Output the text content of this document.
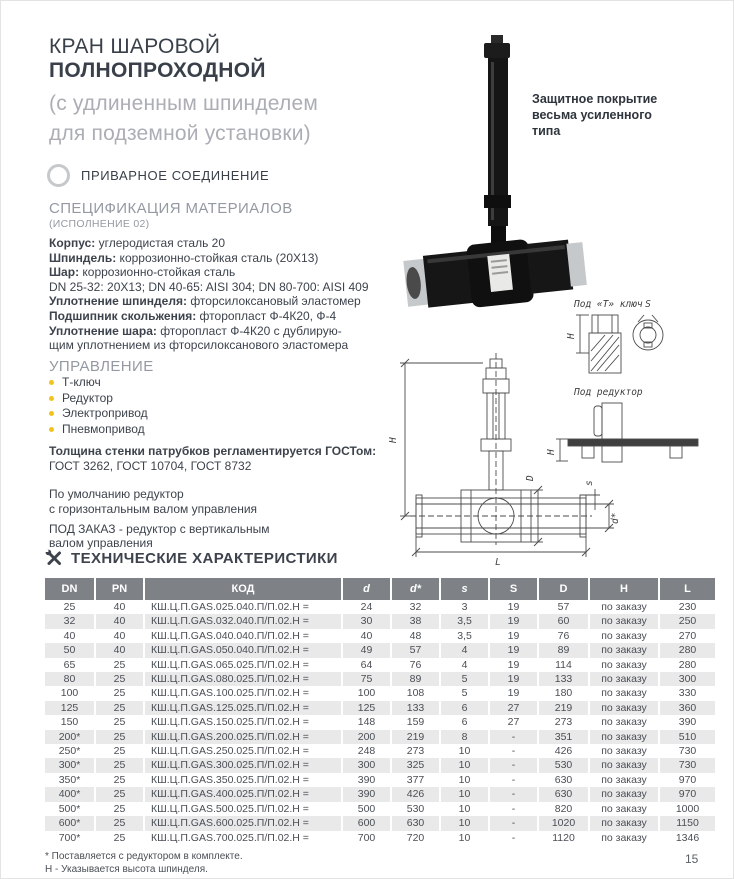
КРАН ШАРОВОЙ
ПОЛНОПРОХОДНОЙ
(с удлиненным шпинделем
для подземной установки)
ПРИВАРНОЕ СОЕДИНЕНИЕ
СПЕЦИФИКАЦИЯ МАТЕРИАЛОВ
(ИСПОЛНЕНИЕ 02)
Корпус: углеродистая сталь 20
Шпиндель: коррозионно-стойкая сталь (20Х13)
Шар: коррозионно-стойкая сталь
DN 25-32: 20X13; DN 40-65: AISI 304; DN 80-700: AISI 409
Уплотнение шпинделя: фторсилоксановый эластомер
Подшипник скольжения: фторопласт Ф-4К20, Ф-4
Уплотнение шара: фторопласт Ф-4К20 с дублирую-
щим уплотнением из фторсилоксанового эластомера
УПРАВЛЕНИЕ
Т-ключ
Редуктор
Электропривод
Пневмопривод
Толщина стенки патрубков регламентируется ГОСТом:
ГОСТ 3262, ГОСТ 10704, ГОСТ 8732
По умолчанию редуктор
с горизонтальным валом управления
ПОД ЗАКАЗ - редуктор с вертикальным
валом управления
Защитное покрытие
весьма усиленного
типа
H
L
D
s
d*
Под «Т» ключ S
H
Под редуктор
H
ТЕХНИЧЕСКИЕ ХАРАКТЕРИСТИКИ
DN	PN	КОД	d	d*	s	S	D	H	L
25	40	КШ.Ц.П.GAS.025.040.П/П.02.Н =	24	32	3	19	57	по заказу	230
32	40	КШ.Ц.П.GAS.032.040.П/П.02.Н =	30	38	3,5	19	60	по заказу	250
40	40	КШ.Ц.П.GAS.040.040.П/П.02.Н =	40	48	3,5	19	76	по заказу	270
50	40	КШ.Ц.П.GAS.050.040.П/П.02.Н =	49	57	4	19	89	по заказу	280
65	25	КШ.Ц.П.GAS.065.025.П/П.02.Н =	64	76	4	19	114	по заказу	280
80	25	КШ.Ц.П.GAS.080.025.П/П.02.Н =	75	89	5	19	133	по заказу	300
100	25	КШ.Ц.П.GAS.100.025.П/П.02.Н =	100	108	5	19	180	по заказу	330
125	25	КШ.Ц.П.GAS.125.025.П/П.02.Н =	125	133	6	27	219	по заказу	360
150	25	КШ.Ц.П.GAS.150.025.П/П.02.Н =	148	159	6	27	273	по заказу	390
200*	25	КШ.Ц.П.GAS.200.025.П/П.02.Н =	200	219	8	-	351	по заказу	510
250*	25	КШ.Ц.П.GAS.250.025.П/П.02.Н =	248	273	10	-	426	по заказу	730
300*	25	КШ.Ц.П.GAS.300.025.П/П.02.Н =	300	325	10	-	530	по заказу	730
350*	25	КШ.Ц.П.GAS.350.025.П/П.02.Н =	390	377	10	-	630	по заказу	970
400*	25	КШ.Ц.П.GAS.400.025.П/П.02.Н =	390	426	10	-	630	по заказу	970
500*	25	КШ.Ц.П.GAS.500.025.П/П.02.Н =	500	530	10	-	820	по заказу	1000
600*	25	КШ.Ц.П.GAS.600.025.П/П.02.Н =	600	630	10	-	1020	по заказу	1150
700*	25	КШ.Ц.П.GAS.700.025.П/П.02.Н =	700	720	10	-	1120	по заказу	1346
* Поставляется с редуктором в комплекте.
Н - Указывается высота шпинделя.
15
